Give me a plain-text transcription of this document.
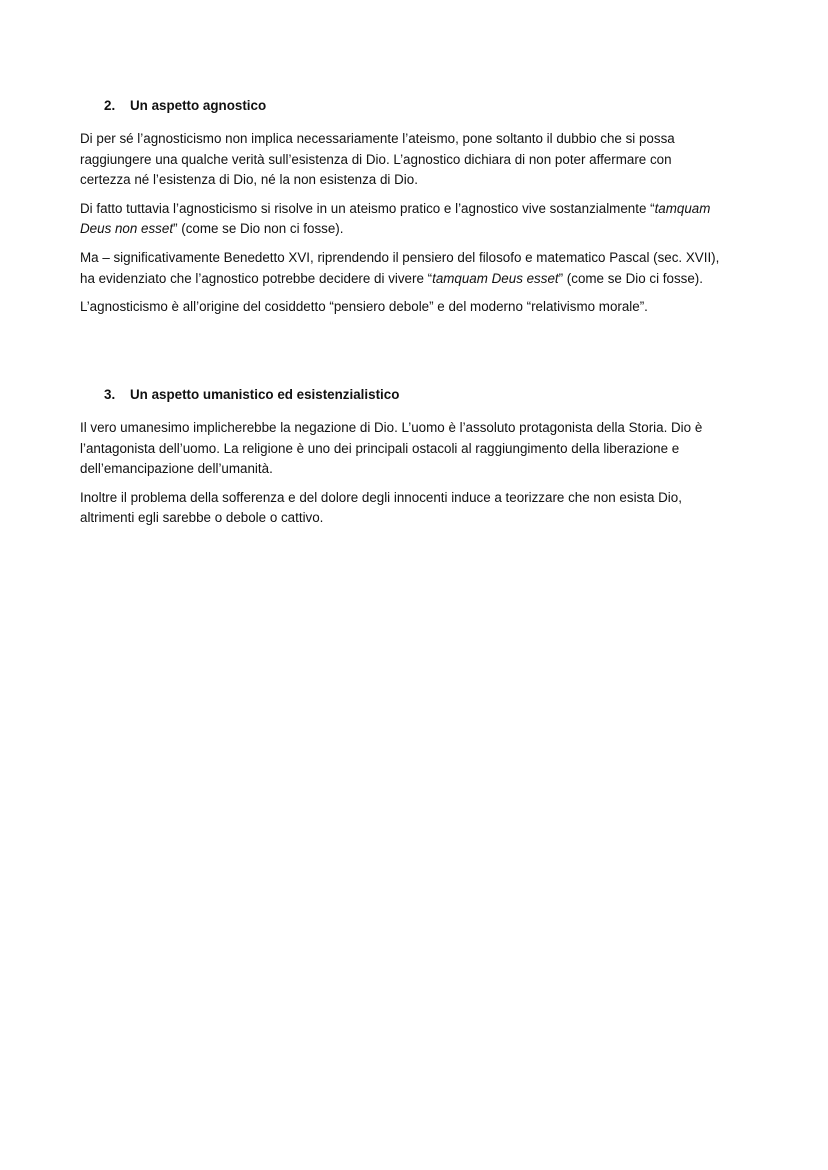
2. Un aspetto agnostico

Di per sé l’agnosticismo non implica necessariamente l’ateismo, pone soltanto il dubbio che si possa
raggiungere una qualche verità sull’esistenza di Dio. L’agnostico dichiara di non poter affermare con
certezza né l’esistenza di Dio, né la non esistenza di Dio.

Di fatto tuttavia l’agnosticismo si risolve in un ateismo pratico e l’agnostico vive sostanzialmente “tamquam
Deus non esset” (come se Dio non ci fosse).

Ma – significativamente Benedetto XVI, riprendendo il pensiero del filosofo e matematico Pascal (sec. XVII),
ha evidenziato che l’agnostico potrebbe decidere di vivere “tamquam Deus esset” (come se Dio ci fosse).

L’agnosticismo è all’origine del cosiddetto “pensiero debole” e del moderno “relativismo morale”.

3. Un aspetto umanistico ed esistenzialistico

Il vero umanesimo implicherebbe la negazione di Dio. L’uomo è l’assoluto protagonista della Storia. Dio è
l’antagonista dell’uomo. La religione è uno dei principali ostacoli al raggiungimento della liberazione e
dell’emancipazione dell’umanità.

Inoltre il problema della sofferenza e del dolore degli innocenti induce a teorizzare che non esista Dio,
altrimenti egli sarebbe o debole o cattivo.
